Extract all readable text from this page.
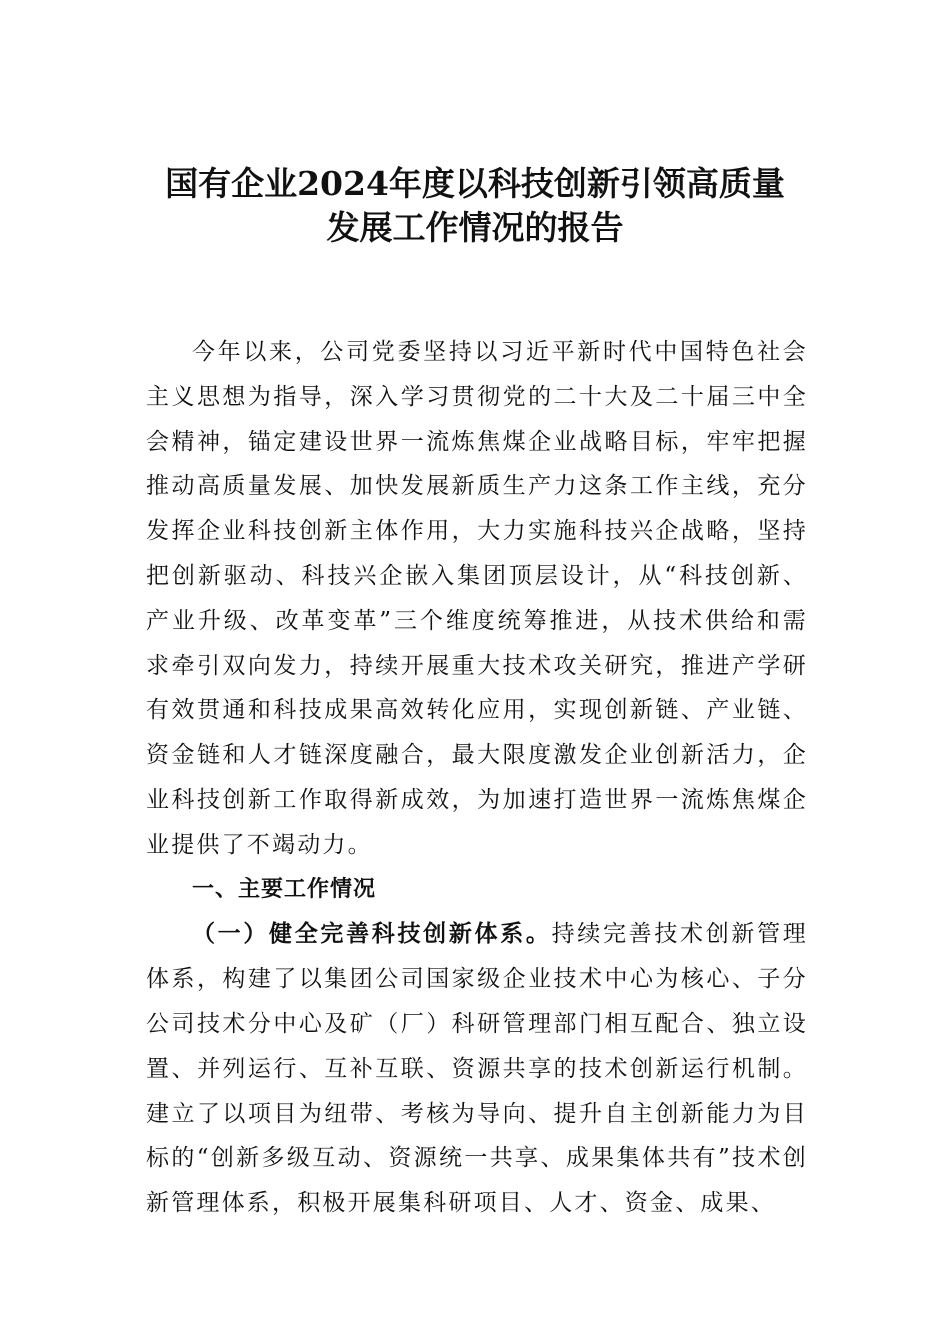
国有企业2024年度以科技创新引领高质量
发展工作情况的报告

今年以来，公司党委坚持以习近平新时代中国特色社会主义思想为指导，深入学习贯彻党的二十大及二十届三中全会精神，锚定建设世界一流炼焦煤企业战略目标，牢牢把握推动高质量发展、加快发展新质生产力这条工作主线，充分发挥企业科技创新主体作用，大力实施科技兴企战略，坚持把创新驱动、科技兴企嵌入集团顶层设计，从“科技创新、产业升级、改革变革”三个维度统筹推进，从技术供给和需求牵引双向发力，持续开展重大技术攻关研究，推进产学研有效贯通和科技成果高效转化应用，实现创新链、产业链、资金链和人才链深度融合，最大限度激发企业创新活力，企业科技创新工作取得新成效，为加速打造世界一流炼焦煤企业提供了不竭动力。

一、主要工作情况

（一）健全完善科技创新体系。持续完善技术创新管理体系，构建了以集团公司国家级企业技术中心为核心、子分公司技术分中心及矿（厂）科研管理部门相互配合、独立设置、并列运行、互补互联、资源共享的技术创新运行机制。建立了以项目为纽带、考核为导向、提升自主创新能力为目标的“创新多级互动、资源统一共享、成果集体共有”技术创新管理体系，积极开展集科研项目、人才、资金、成果、
